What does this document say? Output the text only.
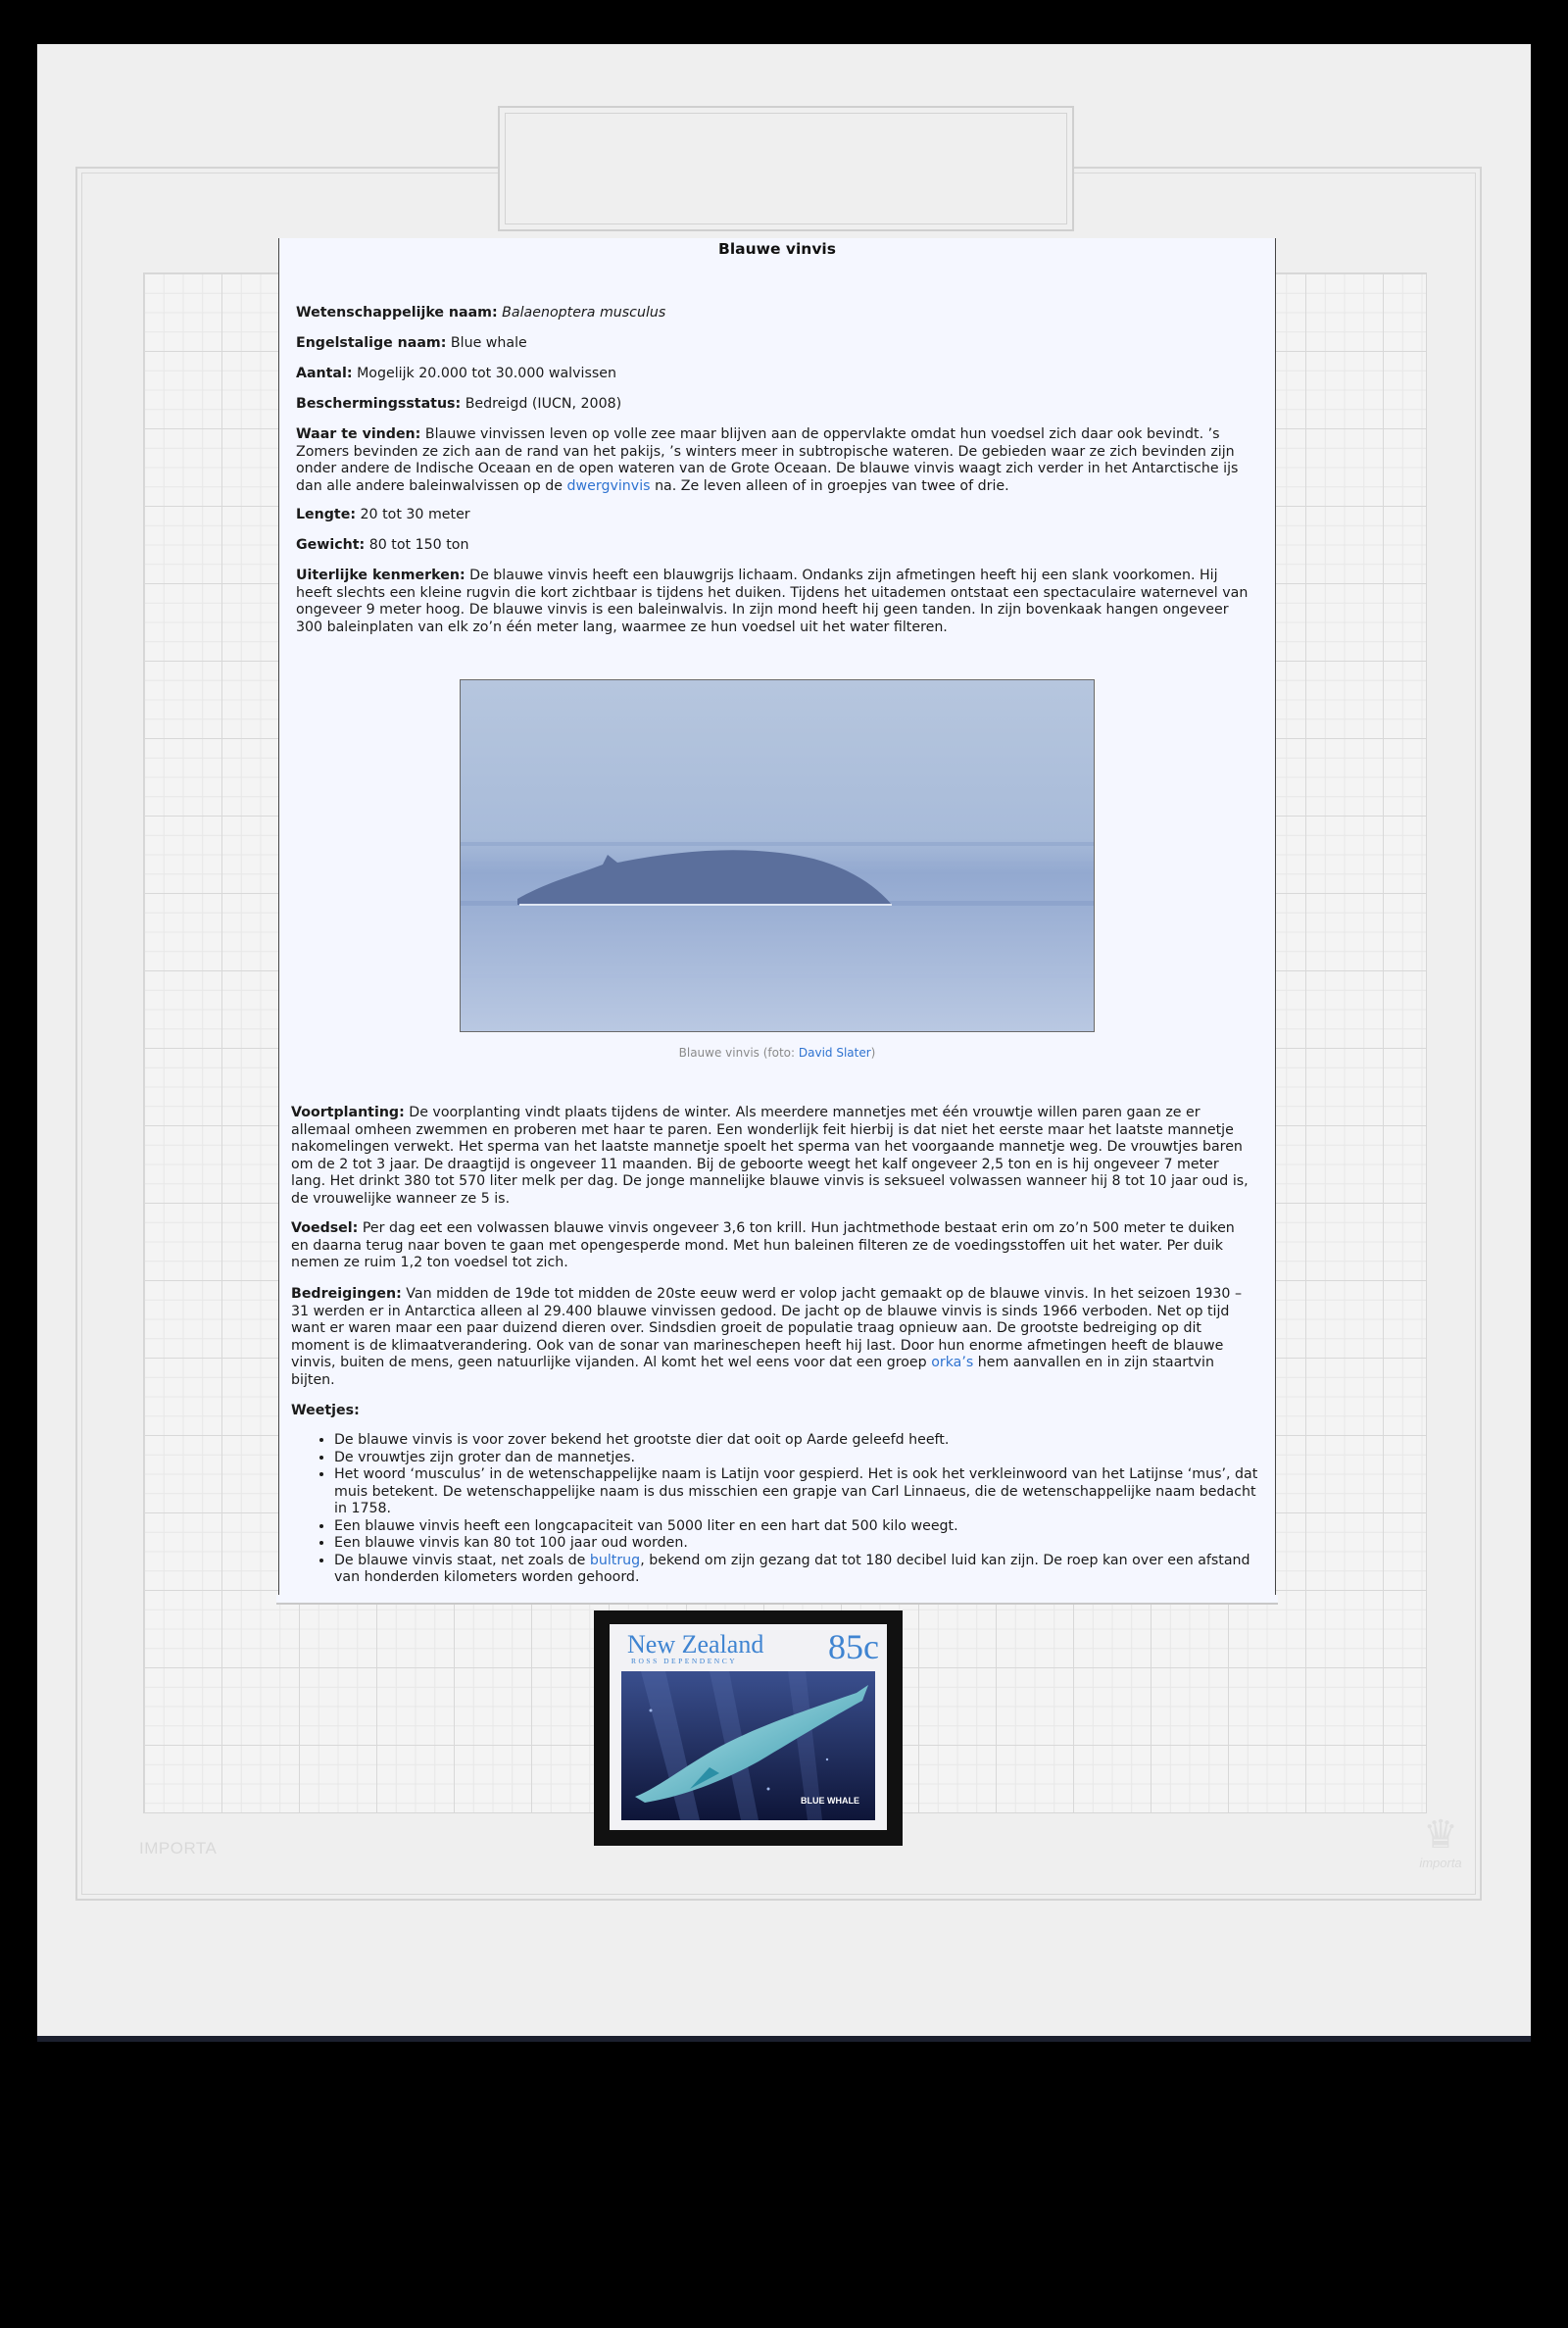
IMPORTA	♛
importa
Blauwe vinvis

Wetenschappelijke naam: Balaenoptera musculus

Engelstalige naam: Blue whale

Aantal: Mogelijk 20.000 tot 30.000 walvissen

Beschermingsstatus: Bedreigd (IUCN, 2008)

Waar te vinden: Blauwe vinvissen leven op volle zee maar blijven aan de oppervlakte omdat hun voedsel zich daar ook bevindt. ’s Zomers bevinden ze zich aan de rand van het pakijs, ’s winters meer in subtropische wateren. De gebieden waar ze zich bevinden zijn onder andere de Indische Oceaan en de open wateren van de Grote Oceaan. De blauwe vinvis waagt zich verder in het Antarctische ijs dan alle andere baleinwalvissen op de dwergvinvis na. Ze leven alleen of in groepjes van twee of drie.

Lengte: 20 tot 30 meter

Gewicht: 80 tot 150 ton

Uiterlijke kenmerken: De blauwe vinvis heeft een blauwgrijs lichaam. Ondanks zijn afmetingen heeft hij een slank voorkomen. Hij heeft slechts een kleine rugvin die kort zichtbaar is tijdens het duiken. Tijdens het uitademen ontstaat een spectaculaire waternevel van ongeveer 9 meter hoog. De blauwe vinvis is een baleinwalvis. In zijn mond heeft hij geen tanden. In zijn bovenkaak hangen ongeveer 300 baleinplaten van elk zo’n één meter lang, waarmee ze hun voedsel uit het water filteren.

Blauwe vinvis (foto: David Slater)

Voortplanting: De voorplanting vindt plaats tijdens de winter. Als meerdere mannetjes met één vrouwtje willen paren gaan ze er allemaal omheen zwemmen en proberen met haar te paren. Een wonderlijk feit hierbij is dat niet het eerste maar het laatste mannetje nakomelingen verwekt. Het sperma van het laatste mannetje spoelt het sperma van het voorgaande mannetje weg. De vrouwtjes baren om de 2 tot 3 jaar. De draagtijd is ongeveer 11 maanden. Bij de geboorte weegt het kalf ongeveer 2,5 ton en is hij ongeveer 7 meter lang. Het drinkt 380 tot 570 liter melk per dag. De jonge mannelijke blauwe vinvis is seksueel volwassen wanneer hij 8 tot 10 jaar oud is, de vrouwelijke wanneer ze 5 is.

Voedsel: Per dag eet een volwassen blauwe vinvis ongeveer 3,6 ton krill. Hun jachtmethode bestaat erin om zo’n 500 meter te duiken en daarna terug naar boven te gaan met opengesperde mond. Met hun baleinen filteren ze de voedingsstoffen uit het water. Per duik nemen ze ruim 1,2 ton voedsel tot zich.

Bedreigingen: Van midden de 19de tot midden de 20ste eeuw werd er volop jacht gemaakt op de blauwe vinvis. In het seizoen 1930 –31 werden er in Antarctica alleen al 29.400 blauwe vinvissen gedood. De jacht op de blauwe vinvis is sinds 1966 verboden. Net op tijd want er waren maar een paar duizend dieren over. Sindsdien groeit de populatie traag opnieuw aan. De grootste bedreiging op dit moment is de klimaatverandering. Ook van de sonar van marineschepen heeft hij last. Door hun enorme afmetingen heeft de blauwe vinvis, buiten de mens, geen natuurlijke vijanden. Al komt het wel eens voor dat een groep orka’s hem aanvallen en in zijn staartvin bijten.

Weetjes:

• De blauwe vinvis is voor zover bekend het grootste dier dat ooit op Aarde geleefd heeft.
• De vrouwtjes zijn groter dan de mannetjes.
• Het woord ‘musculus’ in de wetenschappelijke naam is Latijn voor gespierd. Het is ook het verkleinwoord van het Latijnse ‘mus’, dat muis betekent. De wetenschappelijke naam is dus misschien een grapje van Carl Linnaeus, die de wetenschappelijke naam bedacht in 1758.
• Een blauwe vinvis heeft een longcapaciteit van 5000 liter en een hart dat 500 kilo weegt.
• Een blauwe vinvis kan 80 tot 100 jaar oud worden.
• De blauwe vinvis staat, net zoals de bultrug, bekend om zijn gezang dat tot 180 decibel luid kan zijn. De roep kan over een afstand van honderden kilometers worden gehoord.
New Zealand
ROSS DEPENDENCY	85c
BLUE WHALE
